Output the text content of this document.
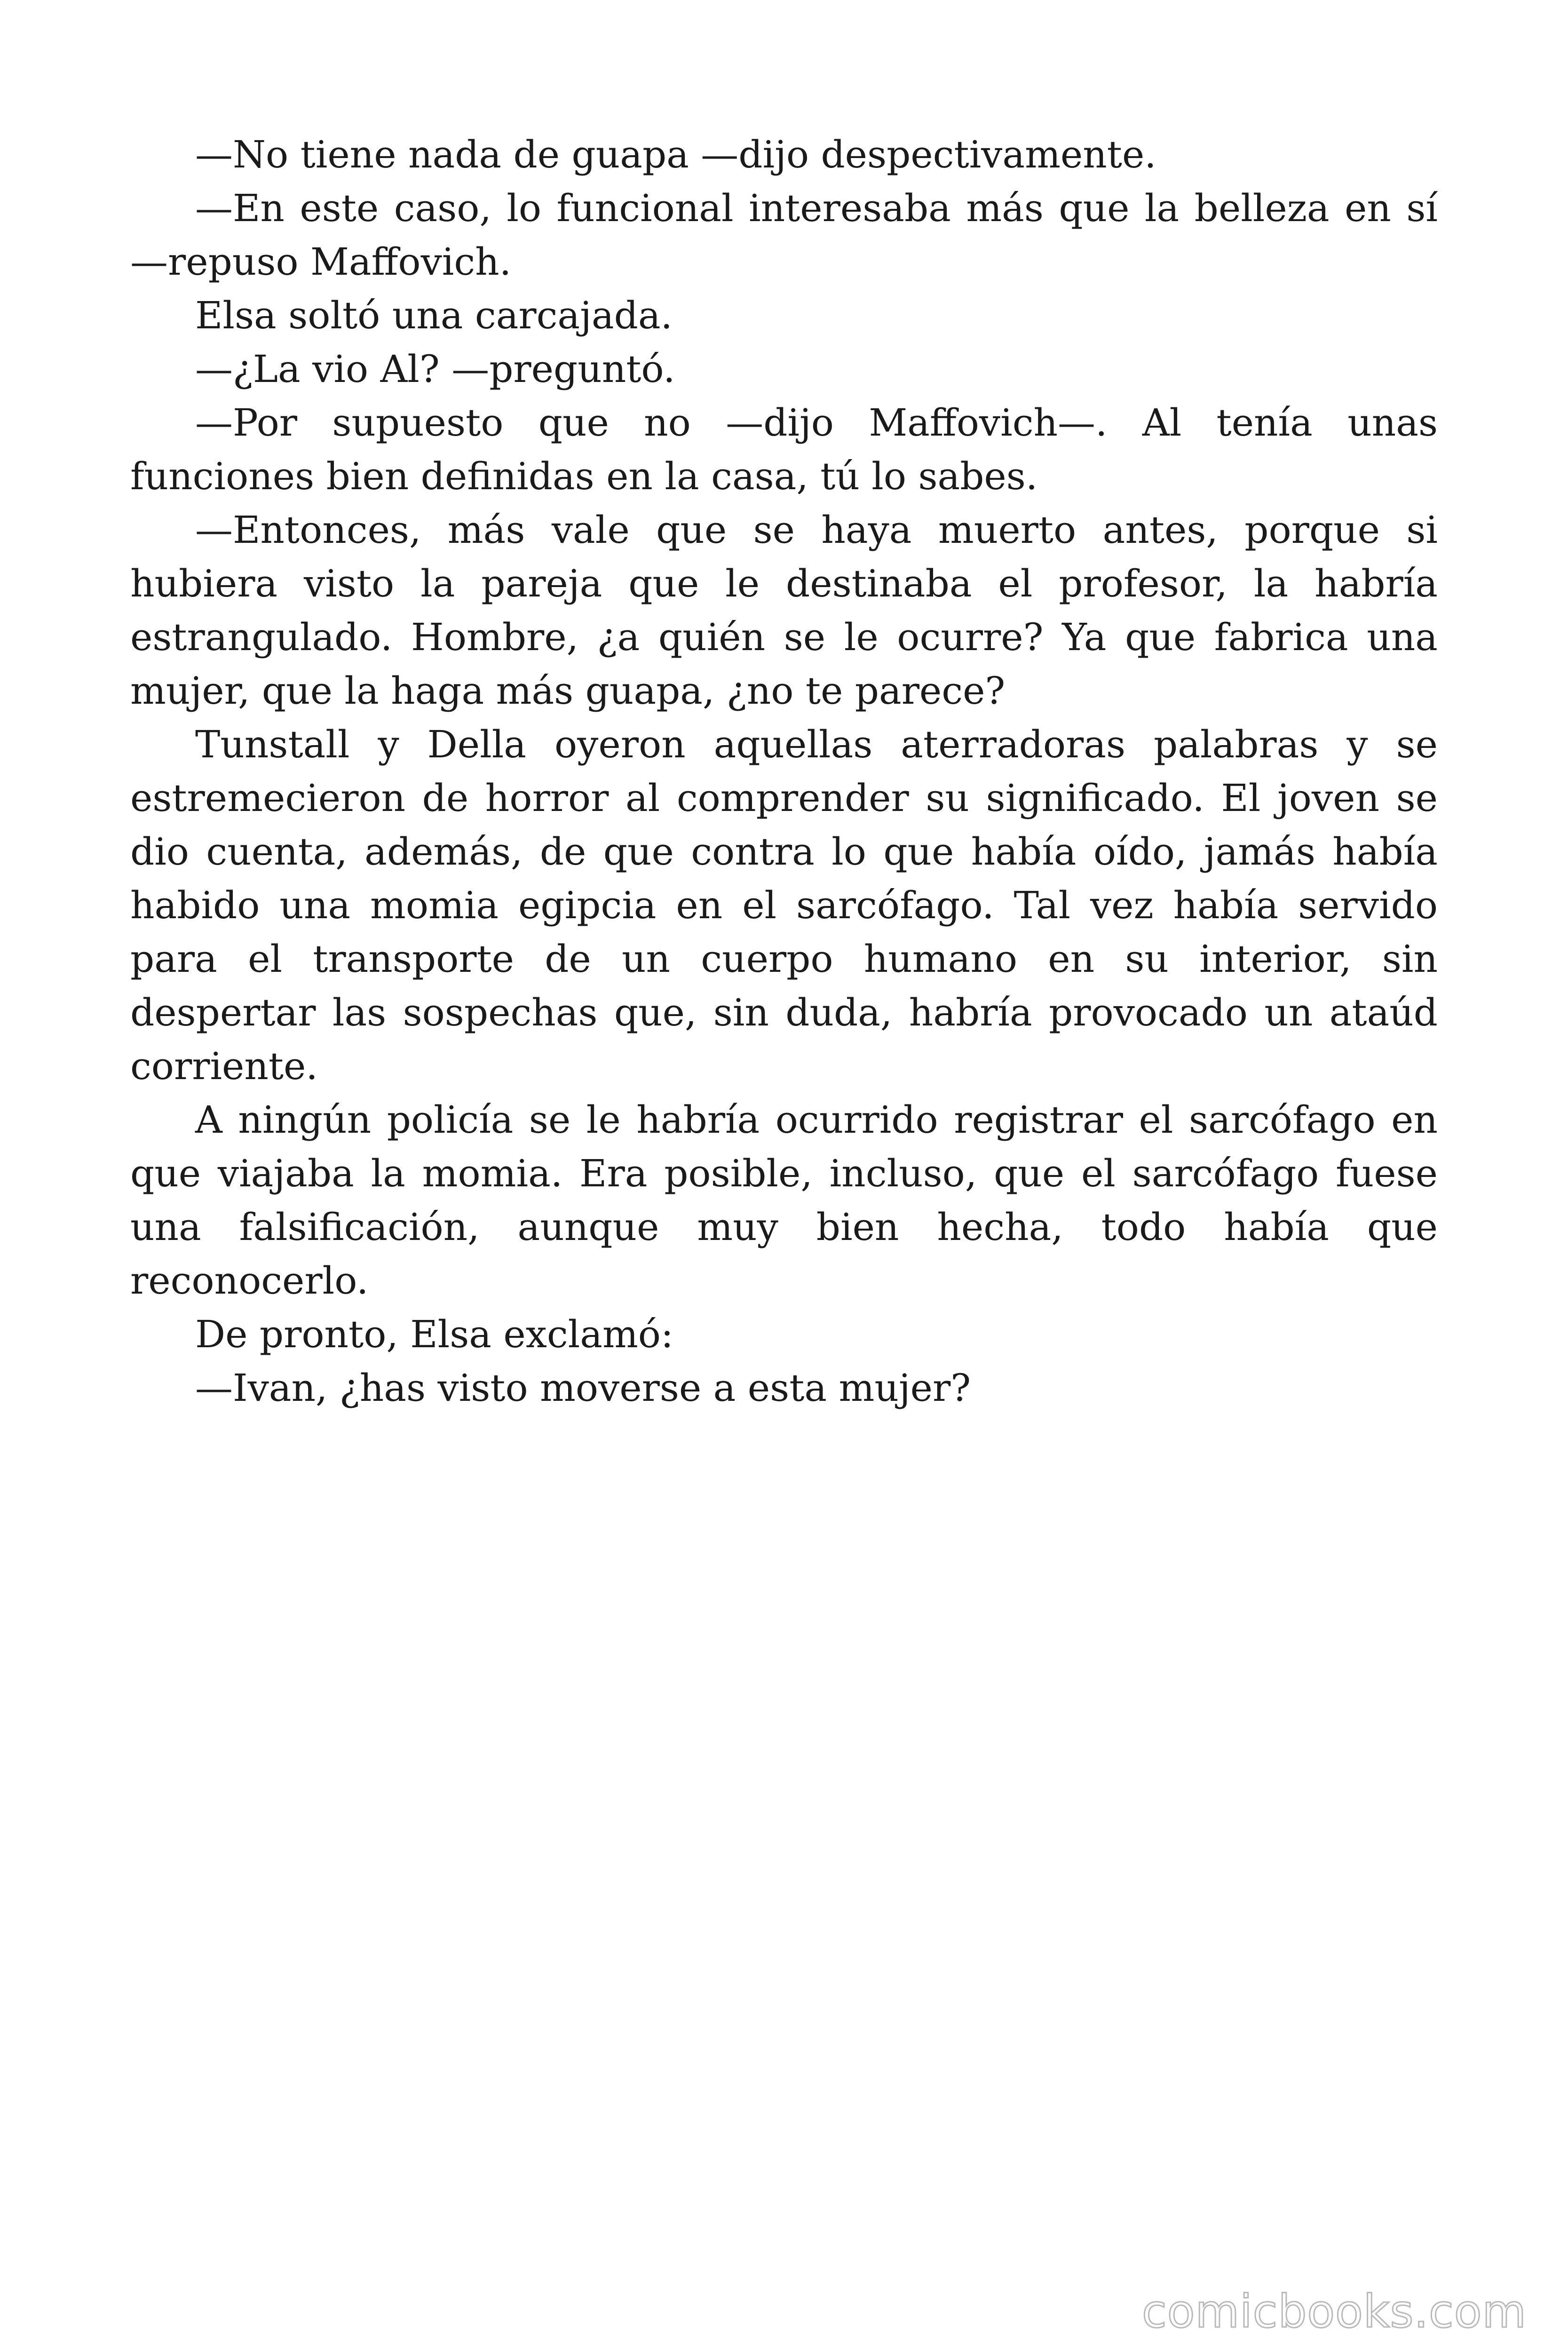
—No tiene nada de guapa —dijo despectivamente.

—En este caso, lo funcional interesaba más que la belleza en sí —repuso Maffovich.

Elsa soltó una carcajada.

—¿La vio Al? —preguntó.

—Por supuesto que no —dijo Maffovich—. Al tenía unas funciones bien definidas en la casa, tú lo sabes.

—Entonces, más vale que se haya muerto antes, porque si hubiera visto la pareja que le destinaba el profesor, la habría estrangulado. Hombre, ¿a quién se le ocurre? Ya que fabrica una mujer, que la haga más guapa, ¿no te parece?

Tunstall y Della oyeron aquellas aterradoras palabras y se estremecieron de horror al comprender su significado. El joven se dio cuenta, además, de que contra lo que había oído, jamás había habido una momia egipcia en el sarcófago. Tal vez había servido para el transporte de un cuerpo humano en su interior, sin despertar las sospechas que, sin duda, habría provocado un ataúd corriente.

A ningún policía se le habría ocurrido registrar el sarcófago en que viajaba la momia. Era posible, incluso, que el sarcófago fuese una falsificación, aunque muy bien hecha, todo había que reconocerlo.

De pronto, Elsa exclamó:

—Ivan, ¿has visto moverse a esta mujer?

comicbooks.com
